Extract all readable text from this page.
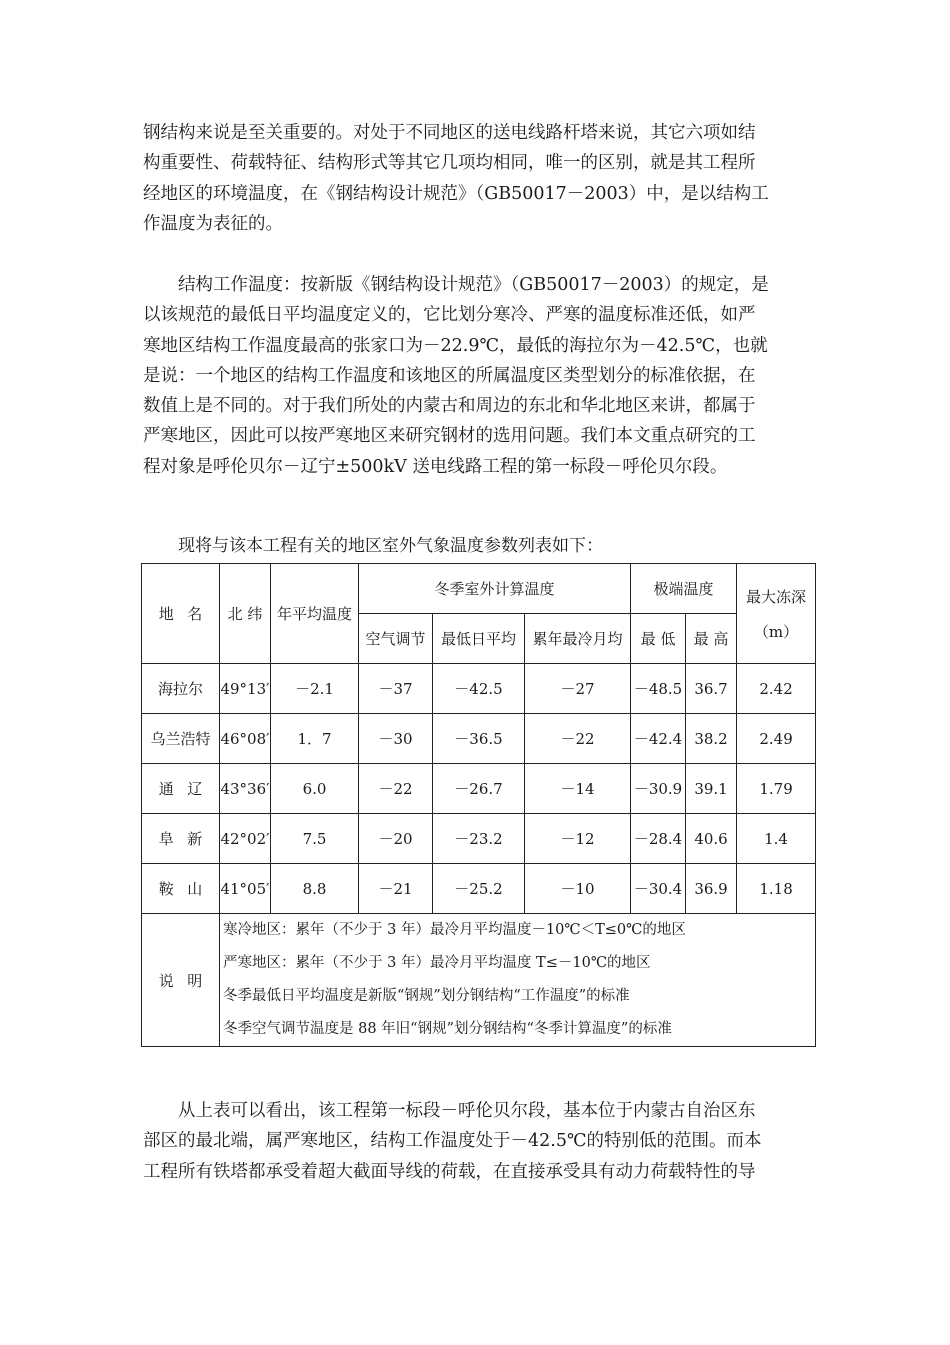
钢结构来说是至关重要的。对处于不同地区的送电线路杆塔来说，其它六项如结
构重要性、荷载特征、结构形式等其它几项均相同，唯一的区别，就是其工程所
经地区的环境温度，在《钢结构设计规范》（GB50017－2003）中，是以结构工
作温度为表征的。

　　结构工作温度：按新版《钢结构设计规范》（GB50017－2003）的规定，是
以该规范的最低日平均温度定义的，它比划分寒冷、严寒的温度标准还低，如严
寒地区结构工作温度最高的张家口为－22.9℃，最低的海拉尔为－42.5℃，也就
是说：一个地区的结构工作温度和该地区的所属温度区类型划分的标准依据，在
数值上是不同的。对于我们所处的内蒙古和周边的东北和华北地区来讲，都属于
严寒地区，因此可以按严寒地区来研究钢材的选用问题。我们本文重点研究的工
程对象是呼伦贝尔－辽宁±500kV 送电线路工程的第一标段－呼伦贝尔段。

现将与该本工程有关的地区室外气象温度参数列表如下：
地名	北 纬	年平均温度	冬季室外计算温度			极端温度		最大冻深
（m）

			空气调节	最低日平均	累年最冷月均	最 低	最 高	
海拉尔	49°13′	－2.1	－37	－42.5	－27	－48.5	36.7	2.42
乌兰浩特	46°08′	1．7	－30	－36.5	－22	－42.4	38.2	2.49
通辽	43°36′	6.0	－22	－26.7	－14	－30.9	39.1	1.79
阜新	42°02′	7.5	－20	－23.2	－12	－28.4	40.6	1.4
鞍山	41°05′	8.8	－21	－25.2	－10	－30.4	36.9	1.18
说明	寒冷地区：累年（不少于 3 年）最冷月平均温度－10℃＜T≤0℃的地区
严寒地区：累年（不少于 3 年）最冷月平均温度 T≤－10℃的地区
冬季最低日平均温度是新版“钢规”划分钢结构“工作温度”的标准
冬季空气调节温度是 88 年旧“钢规”划分钢结构“冬季计算温度”的标准							

　　从上表可以看出，该工程第一标段－呼伦贝尔段，基本位于内蒙古自治区东
部区的最北端，属严寒地区，结构工作温度处于－42.5℃的特别低的范围。而本
工程所有铁塔都承受着超大截面导线的荷载，在直接承受具有动力荷载特性的导
